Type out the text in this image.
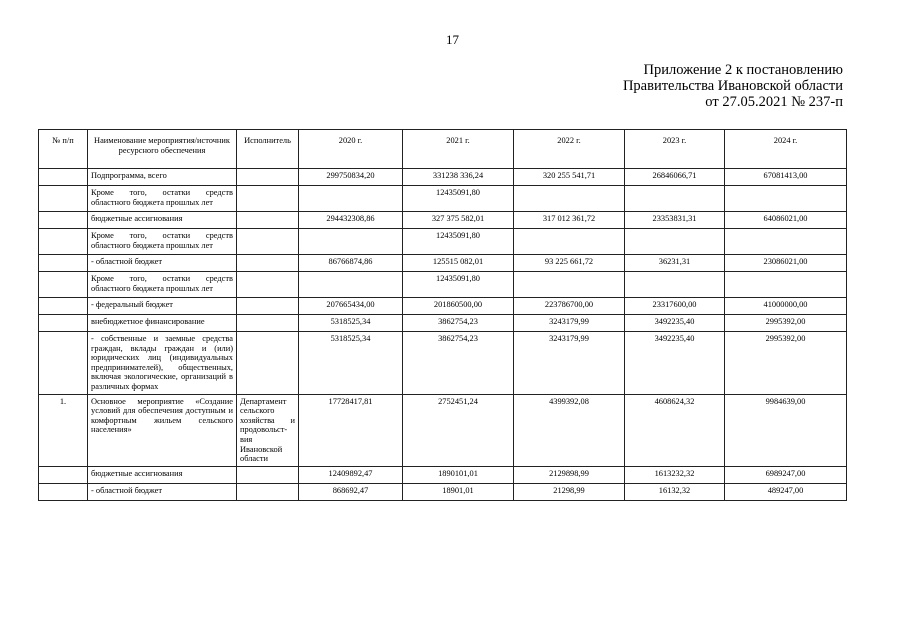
17
Приложение 2 к постановлению
Правительства Ивановской области
от 27.05.2021 № 237-п
№ п/п	Наименование мероприятия/источник ресурсного обеспечения	Исполнитель	2020 г.	2021 г.	2022 г.	2023 г.	2024 г.
	Подпрограмма, всего		299750834,20	331238 336,24	320 255 541,71	26846066,71	67081413,00
	Кроме того, остатки средств областного бюджета прошлых лет			12435091,80			
	бюджетные ассигнования		294432308,86	327 375 582,01	317 012 361,72	23353831,31	64086021,00
	Кроме того, остатки средств областного бюджета прошлых лет			12435091,80			
	- областной бюджет		86766874,86	125515 082,01	93 225 661,72	36231,31	23086021,00
	Кроме того, остатки средств областного бюджета прошлых лет			12435091,80			
	- федеральный бюджет		207665434,00	201860500,00	223786700,00	23317600,00	41000000,00
	внебюджетное финансирование		5318525,34	3862754,23	3243179,99	3492235,40	2995392,00
	- собственные и заемные средства граждан, вклады граждан и (или) юридических лиц (индивидуальных предпринимателей), общественных, включая экологические, организаций в различных формах		5318525,34	3862754,23	3243179,99	3492235,40	2995392,00
1.	Основное мероприятие «Создание условий для обеспечения доступным и комфортным жильем сельского населения»	Департамент сельского хозяйства и продовольст-вия Ивановской области	17728417,81	2752451,24	4399392,08	4608624,32	9984639,00
	бюджетные ассигнования		12409892,47	1890101,01	2129898,99	1613232,32	6989247,00
	- областной бюджет		868692,47	18901,01	21298,99	16132,32	489247,00
